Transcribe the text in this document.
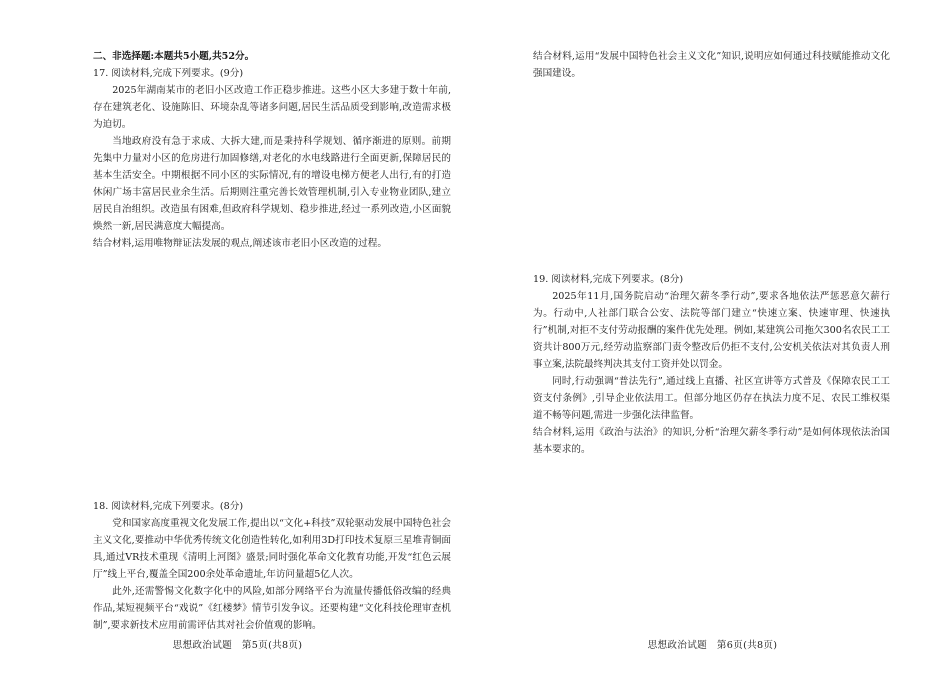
二、非选择题:本题共5小题,共52分。

17. 阅读材料,完成下列要求。(9分)

2025年湖南某市的老旧小区改造工作正稳步推进。这些小区大多建于数十年前,存在建筑老化、设施陈旧、环境杂乱等诸多问题,居民生活品质受到影响,改造需求极为迫切。

当地政府没有急于求成、大拆大建,而是秉持科学规划、循序渐进的原则。前期先集中力量对小区的危房进行加固修缮,对老化的水电线路进行全面更新,保障居民的基本生活安全。中期根据不同小区的实际情况,有的增设电梯方便老人出行,有的打造休闲广场丰富居民业余生活。后期则注重完善长效管理机制,引入专业物业团队,建立居民自治组织。改造虽有困难,但政府科学规划、稳步推进,经过一系列改造,小区面貌焕然一新,居民满意度大幅提高。

结合材料,运用唯物辩证法发展的观点,阐述该市老旧小区改造的过程。

18. 阅读材料,完成下列要求。(8分)

党和国家高度重视文化发展工作,提出以“文化+科技”双轮驱动发展中国特色社会主义文化,要推动中华优秀传统文化创造性转化,如利用3D打印技术复原三星堆青铜面具,通过VR技术重现《清明上河图》盛景;同时强化革命文化教育功能,开发“红色云展厅”线上平台,覆盖全国200余处革命遗址,年访问量超5亿人次。

此外,还需警惕文化数字化中的风险,如部分网络平台为流量传播低俗改编的经典作品,某短视频平台“戏说”《红楼梦》情节引发争议。还要构建“文化科技伦理审查机制”,要求新技术应用前需评估其对社会价值观的影响。

思想政治试题　第5页(共8页)

结合材料,运用“发展中国特色社会主义文化”知识,说明应如何通过科技赋能推动文化强国建设。

19. 阅读材料,完成下列要求。(8分)

2025年11月,国务院启动“治理欠薪冬季行动”,要求各地依法严惩恶意欠薪行为。行动中,人社部门联合公安、法院等部门建立“快速立案、快速审理、快速执行”机制,对拒不支付劳动报酬的案件优先处理。例如,某建筑公司拖欠300名农民工工资共计800万元,经劳动监察部门责令整改后仍拒不支付,公安机关依法对其负责人刑事立案,法院最终判决其支付工资并处以罚金。

同时,行动强调“普法先行”,通过线上直播、社区宣讲等方式普及《保障农民工工资支付条例》,引导企业依法用工。但部分地区仍存在执法力度不足、农民工维权渠道不畅等问题,需进一步强化法律监督。

结合材料,运用《政治与法治》的知识,分析“治理欠薪冬季行动”是如何体现依法治国基本要求的。

思想政治试题　第6页(共8页)
